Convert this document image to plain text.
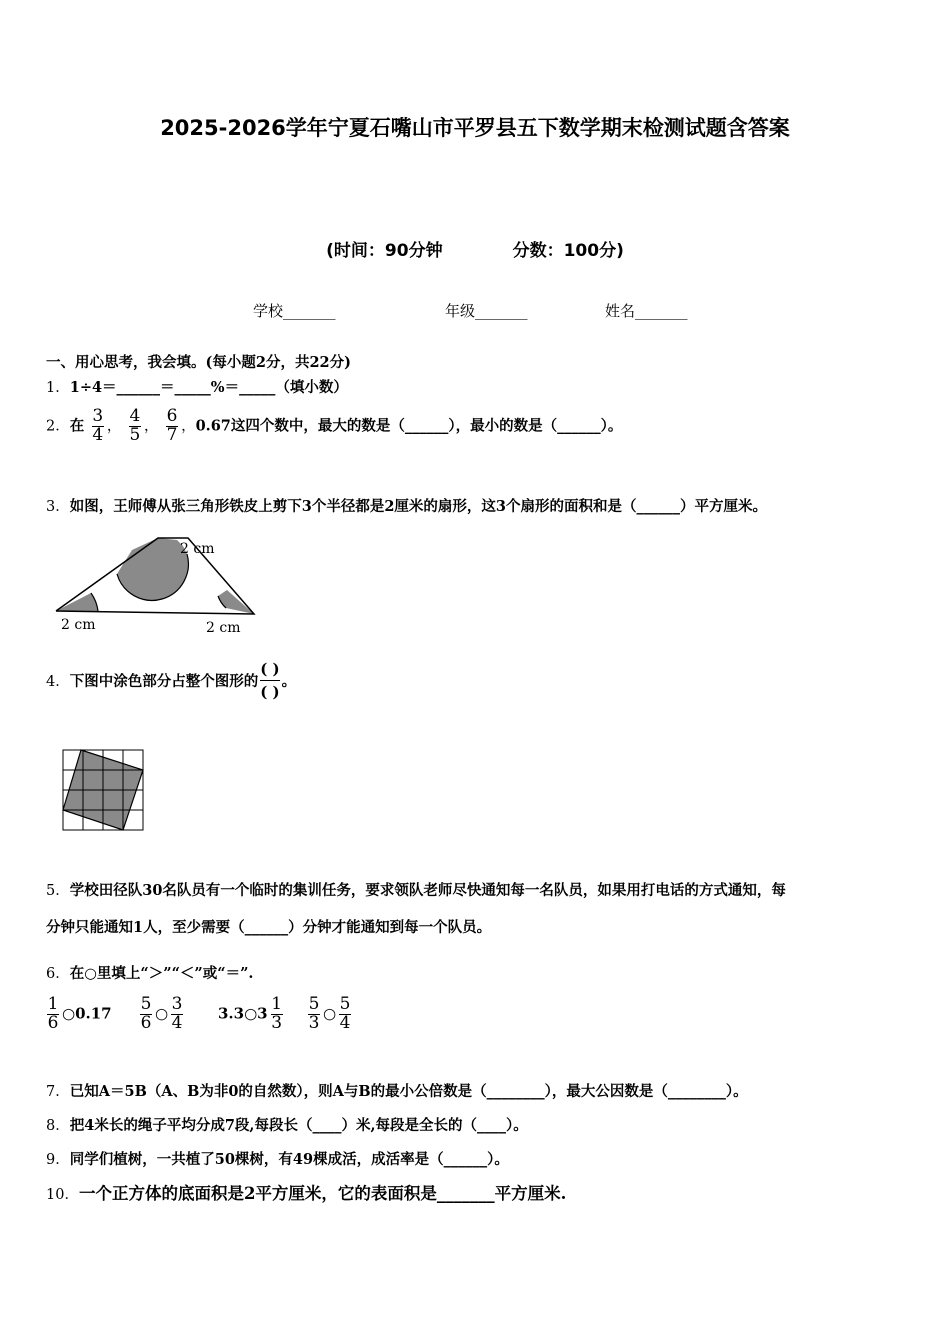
2025-2026学年宁夏石嘴山市平罗县五下数学期末检测试题含答案
(时间：90分钟	分数：100分)
学校_______	年级_______	姓名_______
一、用心思考，我会填。(每小题2分，共22分)
1．1÷4＝______＝_____%＝_____（填小数）
2．在 $\frac{3}{4}$ ， $\frac{4}{5}$ ， $\frac{6}{7}$ ，0.67这四个数中，最大的数是（______），最小的数是（______）。
3．如图，王师傅从张三角形铁皮上剪下3个半径都是2厘米的扇形，这3个扇形的面积和是（______）平方厘米。
2 cm
2 cm	2 cm
4．下图中涂色部分占整个图形的 $\frac{( )}{( )}$ 。
5．学校田径队30名队员有一个临时的集训任务，要求领队老师尽快通知每一名队员，如果用打电话的方式通知，每
分钟只能通知1人，至少需要（______）分钟才能通知到每一个队员。
6．在○里填上“＞”“＜”或“＝”.
$\frac{1}{6}$ ○0.17 $\frac{5}{6}$ ○ $\frac{3}{4}$ 3.3○3 $\frac{1}{3} \frac{5}{3}$ ○ $\frac{5}{4}$
7．已知A＝5B（A、B为非0的自然数），则A与B的最小公倍数是（________），最大公因数是（________）。
8．把4米长的绳子平均分成7段,每段长（____）米,每段是全长的（____）。
9．同学们植树，一共植了50棵树，有49棵成活，成活率是（______）。
10．一个正方体的底面积是2平方厘米，它的表面积是_______平方厘米.
